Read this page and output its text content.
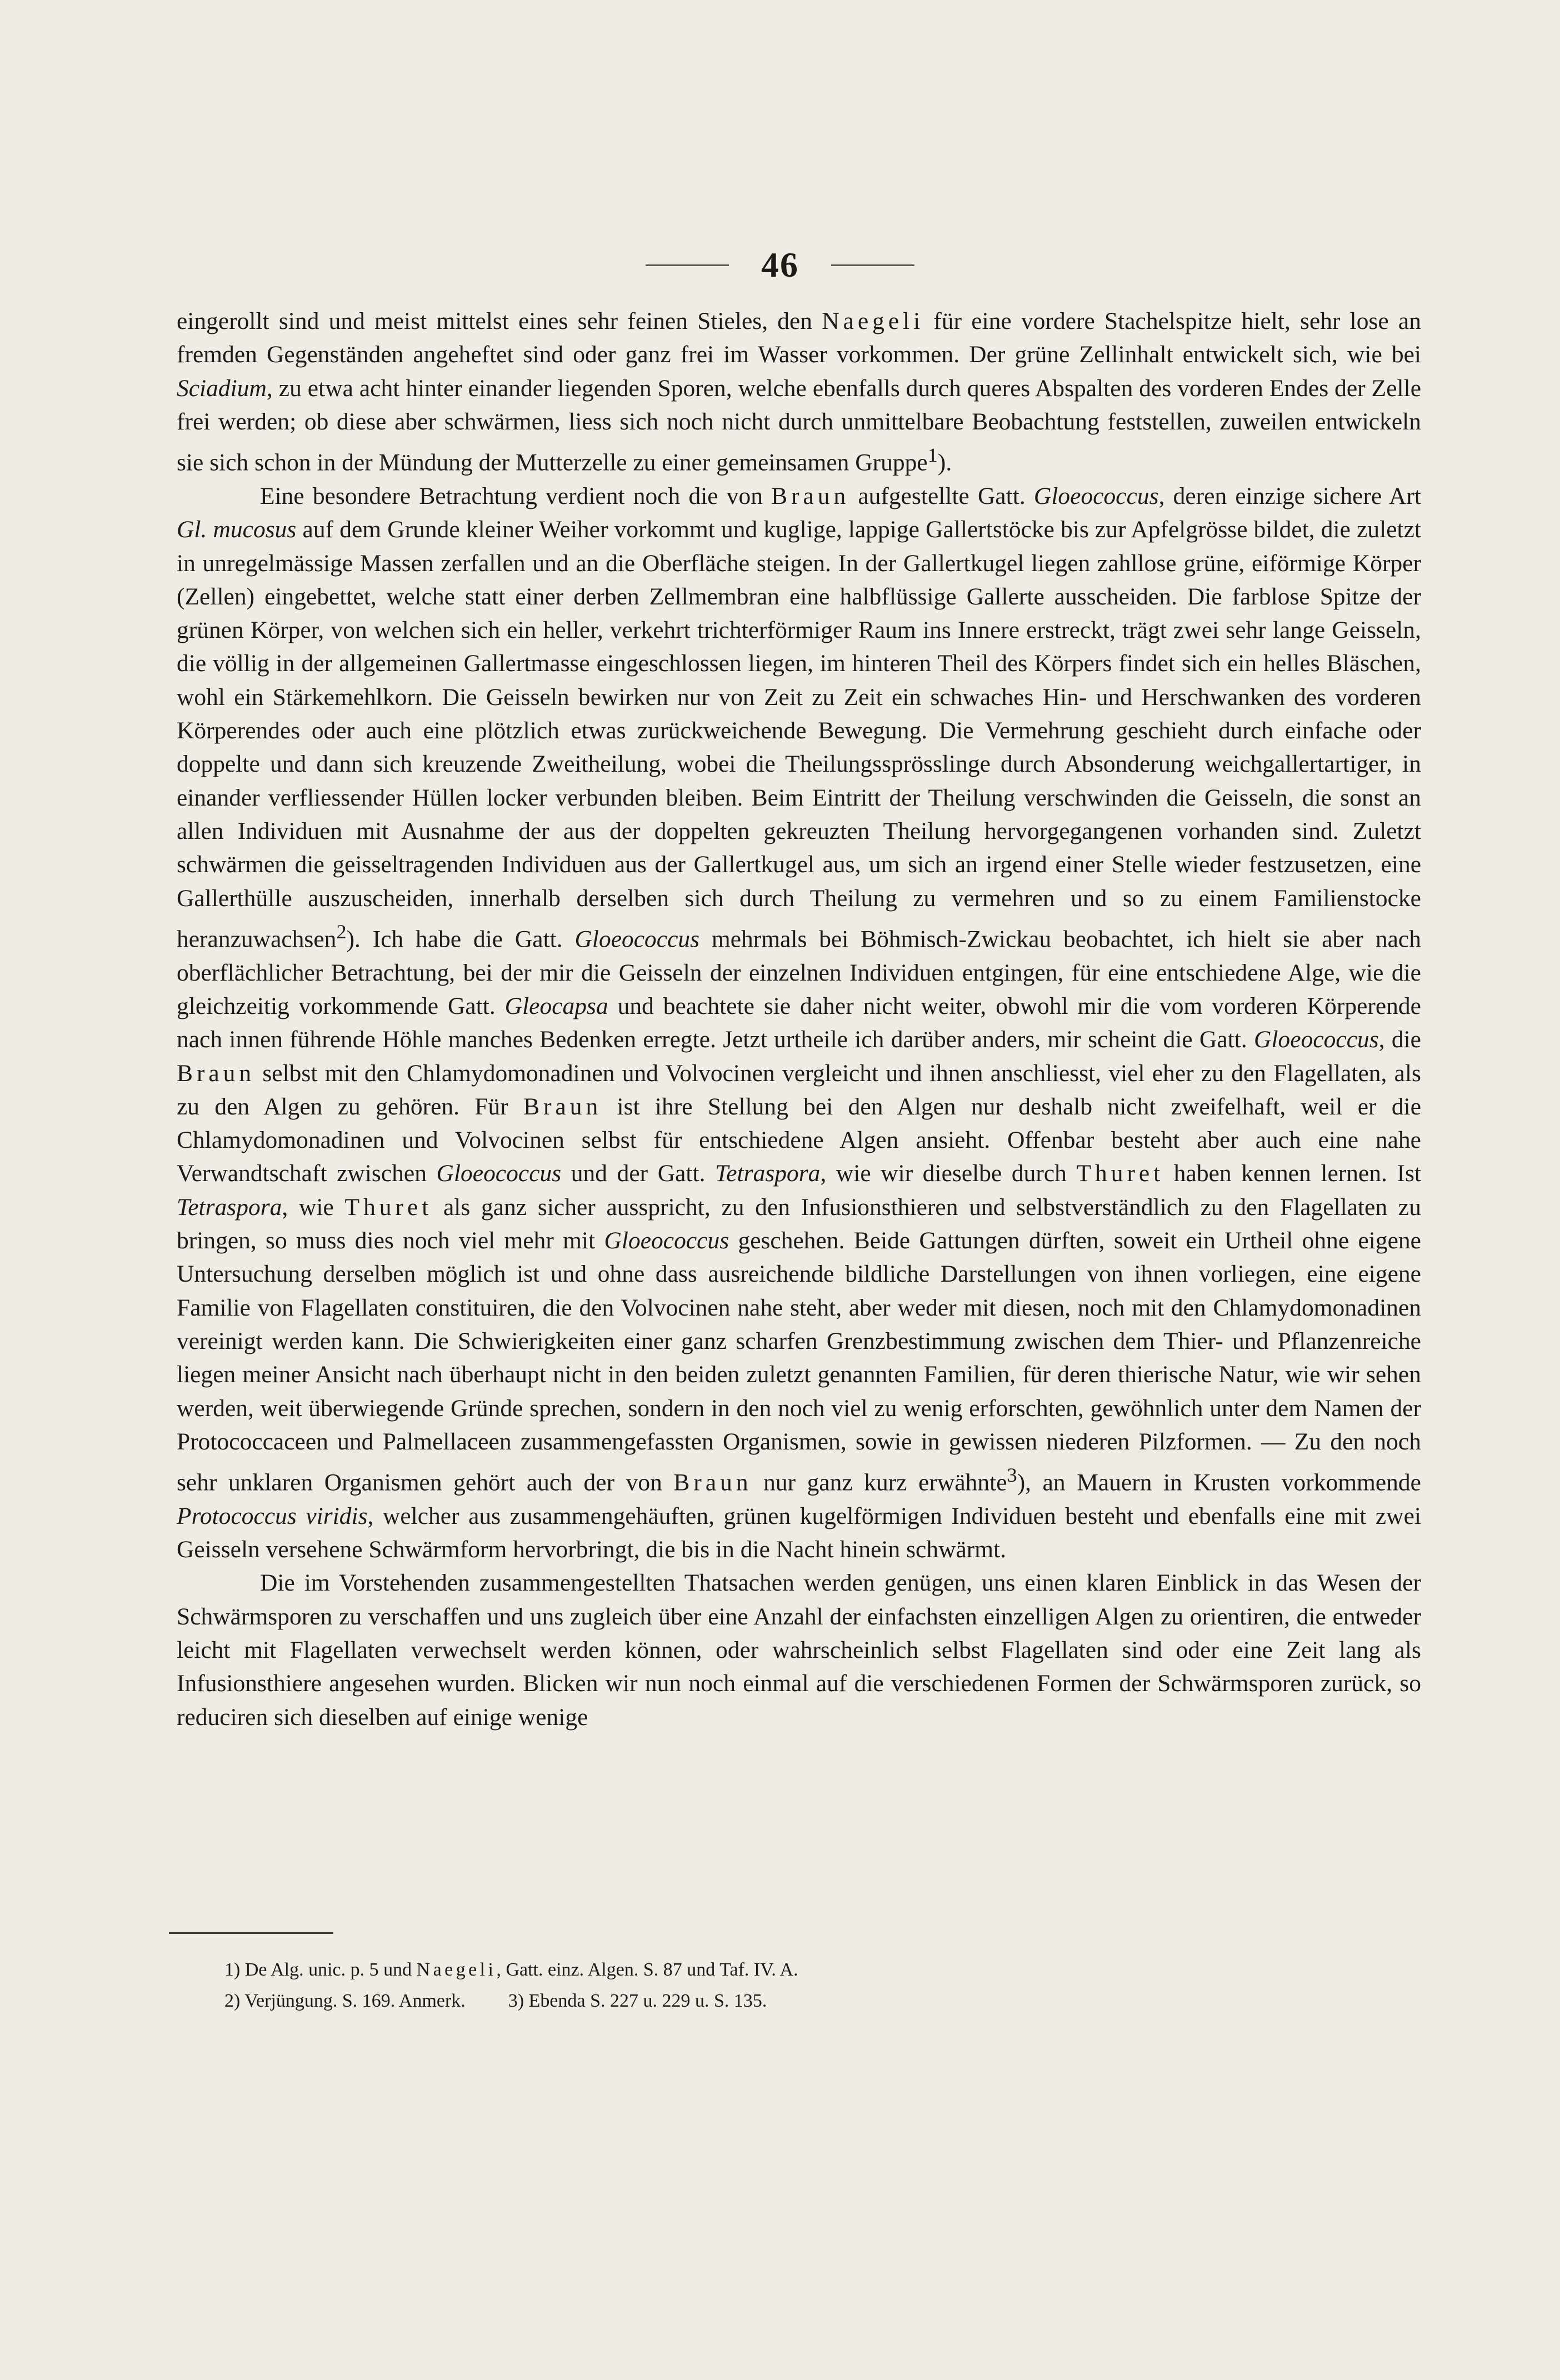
46

eingerollt sind und meist mittelst eines sehr feinen Stieles, den Naegeli für eine vordere Stachelspitze hielt, sehr lose an fremden Gegenständen angeheftet sind oder ganz frei im Wasser vorkommen. Der grüne Zellinhalt entwickelt sich, wie bei Sciadium, zu etwa acht hinter einander liegenden Sporen, welche ebenfalls durch queres Abspalten des vorderen Endes der Zelle frei werden; ob diese aber schwärmen, liess sich noch nicht durch unmittelbare Beobachtung feststellen, zuweilen entwickeln sie sich schon in der Mündung der Mutterzelle zu einer gemeinsamen Gruppe$^1$).

Eine besondere Betrachtung verdient noch die von Braun aufgestellte Gatt. Gloeococcus, deren einzige sichere Art Gl. mucosus auf dem Grunde kleiner Weiher vorkommt und kuglige, lappige Gallertstöcke bis zur Apfelgrösse bildet, die zuletzt in unregelmässige Massen zerfallen und an die Oberfläche steigen. In der Gallertkugel liegen zahllose grüne, eiförmige Körper (Zellen) eingebettet, welche statt einer derben Zellmembran eine halbflüssige Gallerte ausscheiden. Die farblose Spitze der grünen Körper, von welchen sich ein heller, verkehrt trichterförmiger Raum ins Innere erstreckt, trägt zwei sehr lange Geisseln, die völlig in der allgemeinen Gallertmasse eingeschlossen liegen, im hinteren Theil des Körpers findet sich ein helles Bläschen, wohl ein Stärkemehlkorn. Die Geisseln bewirken nur von Zeit zu Zeit ein schwaches Hin- und Herschwanken des vorderen Körperendes oder auch eine plötzlich etwas zurückweichende Bewegung. Die Vermehrung geschieht durch einfache oder doppelte und dann sich kreuzende Zweitheilung, wobei die Theilungssprösslinge durch Absonderung weichgallertartiger, in einander verfliessender Hüllen locker verbunden bleiben. Beim Eintritt der Theilung verschwinden die Geisseln, die sonst an allen Individuen mit Ausnahme der aus der doppelten gekreuzten Theilung hervorgegangenen vorhanden sind. Zuletzt schwärmen die geisseltragenden Individuen aus der Gallertkugel aus, um sich an irgend einer Stelle wieder festzusetzen, eine Gallerthülle auszuscheiden, innerhalb derselben sich durch Theilung zu vermehren und so zu einem Familienstocke heranzuwachsen$^2$). Ich habe die Gatt. Gloeococcus mehrmals bei Böhmisch-Zwickau beobachtet, ich hielt sie aber nach oberflächlicher Betrachtung, bei der mir die Geisseln der einzelnen Individuen entgingen, für eine entschiedene Alge, wie die gleichzeitig vorkommende Gatt. Gleocapsa und beachtete sie daher nicht weiter, obwohl mir die vom vorderen Körperende nach innen führende Höhle manches Bedenken erregte. Jetzt urtheile ich darüber anders, mir scheint die Gatt. Gloeococcus, die Braun selbst mit den Chlamydomonadinen und Volvocinen vergleicht und ihnen anschliesst, viel eher zu den Flagellaten, als zu den Algen zu gehören. Für Braun ist ihre Stellung bei den Algen nur deshalb nicht zweifelhaft, weil er die Chlamydomonadinen und Volvocinen selbst für entschiedene Algen ansieht. Offenbar besteht aber auch eine nahe Verwandtschaft zwischen Gloeococcus und der Gatt. Tetraspora, wie wir dieselbe durch Thuret haben kennen lernen. Ist Tetraspora, wie Thuret als ganz sicher ausspricht, zu den Infusionsthieren und selbstverständlich zu den Flagellaten zu bringen, so muss dies noch viel mehr mit Gloeococcus geschehen. Beide Gattungen dürften, soweit ein Urtheil ohne eigene Untersuchung derselben möglich ist und ohne dass ausreichende bildliche Darstellungen von ihnen vorliegen, eine eigene Familie von Flagellaten constituiren, die den Volvocinen nahe steht, aber weder mit diesen, noch mit den Chlamydomonadinen vereinigt werden kann. Die Schwierigkeiten einer ganz scharfen Grenzbestimmung zwischen dem Thier- und Pflanzenreiche liegen meiner Ansicht nach überhaupt nicht in den beiden zuletzt genannten Familien, für deren thierische Natur, wie wir sehen werden, weit überwiegende Gründe sprechen, sondern in den noch viel zu wenig erforschten, gewöhnlich unter dem Namen der Protococcaceen und Palmellaceen zusammengefassten Organismen, sowie in gewissen niederen Pilzformen. — Zu den noch sehr unklaren Organismen gehört auch der von Braun nur ganz kurz erwähnte$^3$), an Mauern in Krusten vorkommende Protococcus viridis, welcher aus zusammengehäuften, grünen kugelförmigen Individuen besteht und ebenfalls eine mit zwei Geisseln versehene Schwärmform hervorbringt, die bis in die Nacht hinein schwärmt.

Die im Vorstehenden zusammengestellten Thatsachen werden genügen, uns einen klaren Einblick in das Wesen der Schwärmsporen zu verschaffen und uns zugleich über eine Anzahl der einfachsten einzelligen Algen zu orientiren, die entweder leicht mit Flagellaten verwechselt werden können, oder wahrscheinlich selbst Flagellaten sind oder eine Zeit lang als Infusionsthiere angesehen wurden. Blicken wir nun noch einmal auf die verschiedenen Formen der Schwärmsporen zurück, so reduciren sich dieselben auf einige wenige

1) De Alg. unic. p. 5 und Naegeli, Gatt. einz. Algen. S. 87 und Taf. IV. A.
2) Verjüngung. S. 169. Anmerk. 3) Ebenda S. 227 u. 229 u. S. 135.
